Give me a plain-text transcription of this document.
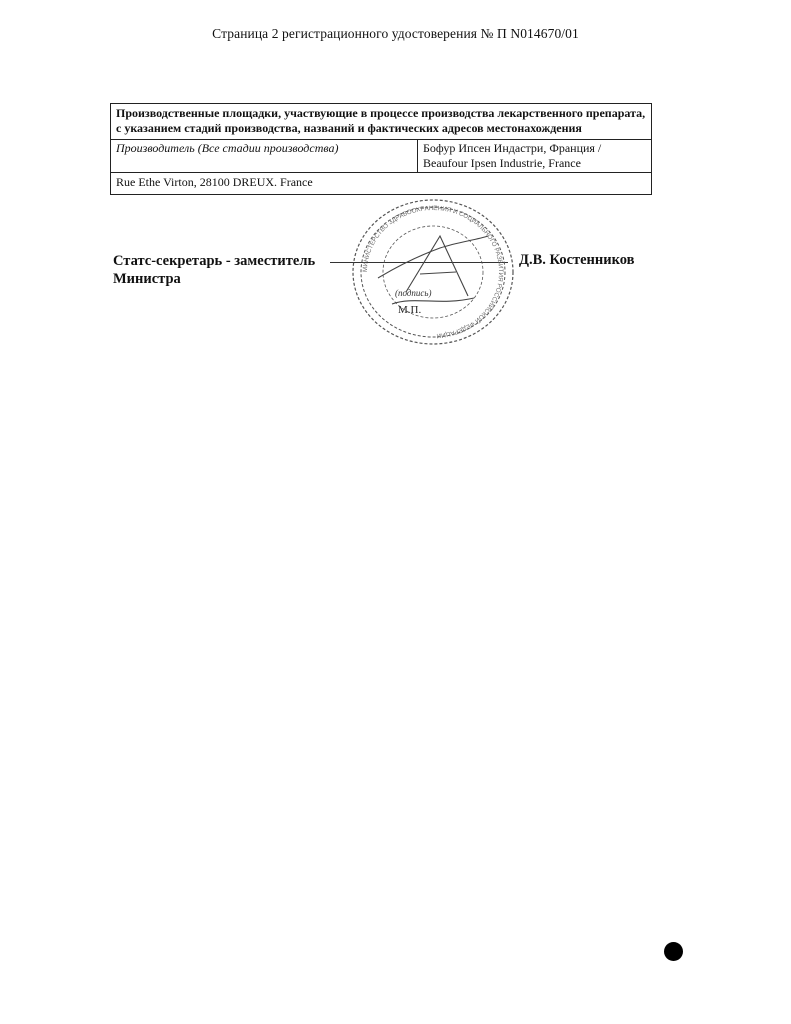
Страница 2 регистрационного удостоверения № П N014670/01
Производственные площадки, участвующие в процессе производства лекарственного препарата, с указанием стадий производства, названий и фактических адресов местонахождения
Производитель (Все стадии производства)	Бофур Ипсен Индастри, Франция /
Beaufour Ipsen Industrie, France
Rue Ethe Virton, 28100 DREUX. France
Статс-секретарь - заместитель
Министра
МИНИСТЕРСТВО ЗДРАВООХРАНЕНИЯ И СОЦИАЛЬНОГО РАЗВИТИЯ РОССИЙСКОЙ ФЕДЕРАЦИИ
Д.В. Костенников
(подпись)
М.П.
